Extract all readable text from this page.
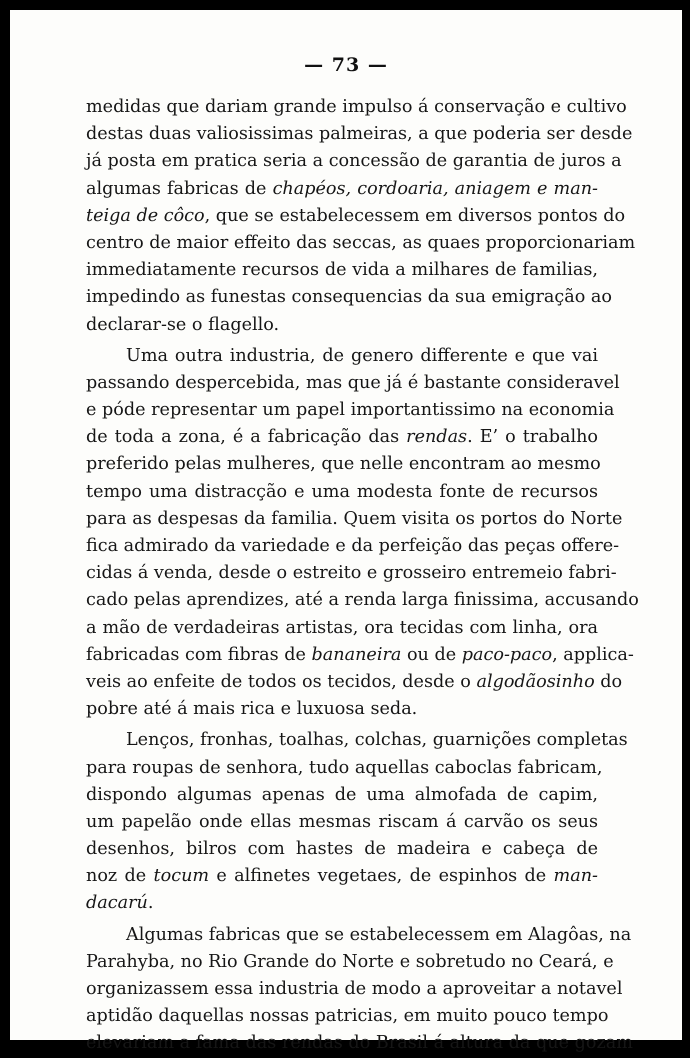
— 73 —
medidas que dariam grande impulso á conservação e cultivo
destas duas valiosissimas palmeiras, a que poderia ser desde
já posta em pratica seria a concessão de garantia de juros a
algumas fabricas de chapéos, cordoaria, aniagem e man-
teiga de côco, que se estabelecessem em diversos pontos do
centro de maior effeito das seccas, as quaes proporcionariam
immediatamente recursos de vida a milhares de familias,
impedindo as funestas consequencias da sua emigração ao
declarar-se o flagello.
Uma outra industria, de genero differente e que vai
passando despercebida, mas que já é bastante consideravel
e póde representar um papel importantissimo na economia
de toda a zona, é a fabricação das rendas. E’ o trabalho
preferido pelas mulheres, que nelle encontram ao mesmo
tempo uma distracção e uma modesta fonte de recursos
para as despesas da familia. Quem visita os portos do Norte
fica admirado da variedade e da perfeição das peças offere-
cidas á venda, desde o estreito e grosseiro entremeio fabri-
cado pelas aprendizes, até a renda larga finissima, accusando
a mão de verdadeiras artistas, ora tecidas com linha, ora
fabricadas com fibras de bananeira ou de paco-paco, applica-
veis ao enfeite de todos os tecidos, desde o algodãosinho do
pobre até á mais rica e luxuosa seda.
Lenços, fronhas, toalhas, colchas, guarnições completas
para roupas de senhora, tudo aquellas caboclas fabricam,
dispondo algumas apenas de uma almofada de capim,
um papelão onde ellas mesmas riscam á carvão os seus
desenhos, bilros com hastes de madeira e cabeça de
noz de tocum e alfinetes vegetaes, de espinhos de man-
dacarú.
Algumas fabricas que se estabelecessem em Alagôas, na
Parahyba, no Rio Grande do Norte e sobretudo no Ceará, e
organizassem essa industria de modo a aproveitar a notavel
aptidão daquellas nossas patricias, em muito pouco tempo
elevariam a fama das rendas do Brasil á altura da que gozam
